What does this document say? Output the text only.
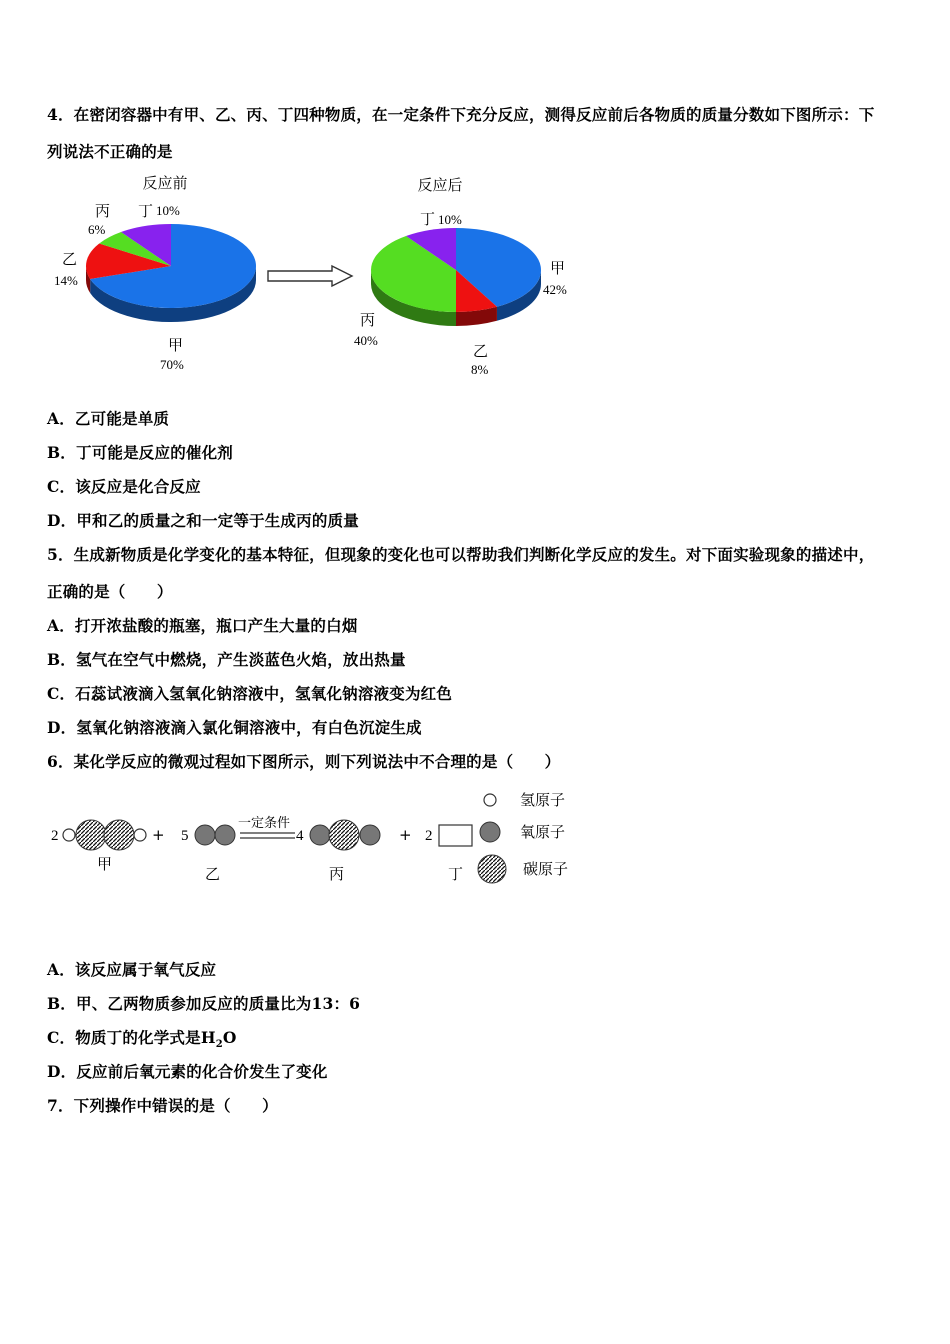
4．在密闭容器中有甲、乙、丙、丁四种物质，在一定条件下充分反应，测得反应前后各物质的质量分数如下图所示：下
列说法不正确的是
反应前
丙
6%
丁 10%
乙
14%
甲
70%
反应后
丁 10%
甲
42%
丙
40%
乙
8%
A．乙可能是单质
B．丁可能是反应的催化剂
C．该反应是化合反应
D．甲和乙的质量之和一定等于生成丙的质量
5．生成新物质是化学变化的基本特征，但现象的变化也可以帮助我们判断化学反应的发生。对下面实验现象的描述中，
正确的是（　　）
A．打开浓盐酸的瓶塞，瓶口产生大量的白烟
B．氢气在空气中燃烧，产生淡蓝色火焰，放出热量
C．石蕊试液滴入氢氧化钠溶液中，氢氧化钠溶液变为红色
D．氢氧化钠溶液滴入氯化铜溶液中，有白色沉淀生成
6．某化学反应的微观过程如下图所示，则下列说法中不合理的是（　　）
2	+
甲
5
乙
一定条件
4
丙
+ 2
丁
氢原子
氧原子
碳原子
A．该反应属于氧气反应
B．甲、乙两物质参加反应的质量比为13：6
C．物质丁的化学式是$H_2O$
D．反应前后氧元素的化合价发生了变化
7．下列操作中错误的是（　　）
